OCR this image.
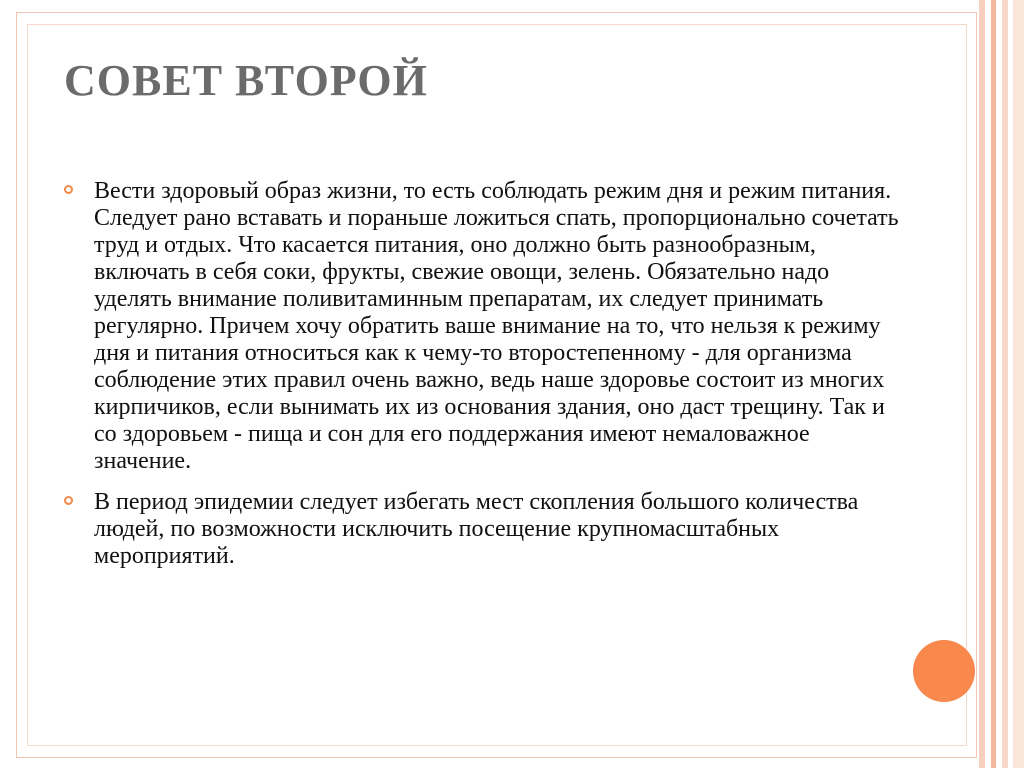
СОВЕТ ВТОРОЙ
Вести здоровый образ жизни, то есть соблюдать режим дня и режим питания. Следует рано вставать и пораньше ложиться спать, пропорционально сочетать труд и отдых. Что касается питания, оно должно быть разнообразным, включать в себя соки, фрукты, свежие овощи, зелень. Обязательно надо уделять внимание поливитаминным препаратам, их следует принимать регулярно. Причем хочу обратить ваше внимание на то, что нельзя к режиму дня и питания относиться как к чему-то второстепенному - для организма соблюдение этих правил очень важно, ведь наше здоровье состоит из многих кирпичиков, если вынимать их из основания здания, оно даст трещину. Так и со здоровьем - пища и сон для его поддержания имеют немаловажное значение.
В период эпидемии следует избегать мест скопления большого количества людей, по возможности исключить посещение крупномасштабных мероприятий.
